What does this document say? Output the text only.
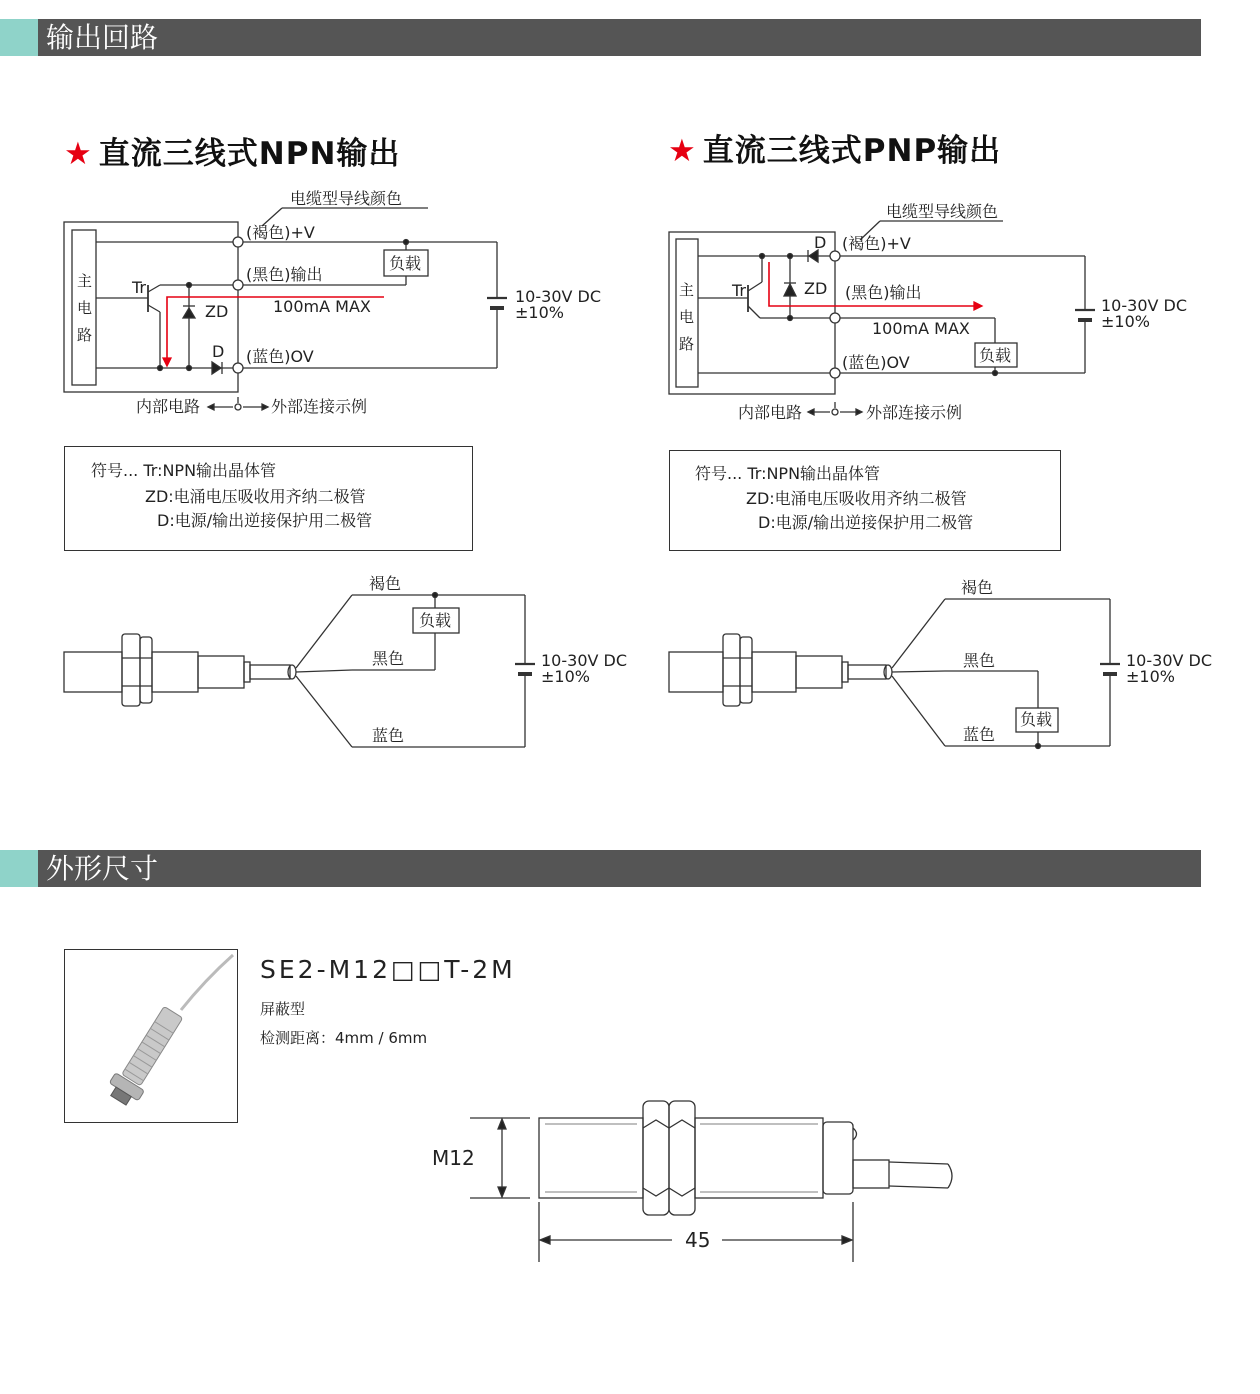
输出回路
外形尺寸
★ 直流三线式NPN输出	★ 直流三线式PNP输出
主
电
路
主
电
路
电缆型导线颜色
(褐色)+V
(黑色)输出
(蓝色)OV
Tr
ZD
D
100mA MAX
负载
10-30V DC
±10%
内部电路	外部连接示例
电缆型导线颜色
(褐色)+V
(黑色)输出
(蓝色)OV
Tr	ZD
D
100mA MAX
负载
10-30V DC
±10%
内部电路	外部连接示例
褐色
黑色
蓝色
负载
10-30V DC
±10%
褐色
黑色
蓝色
负载
10-30V DC
±10%
M12
45
符号... Tr:NPN输出晶体管
ZD:电涌电压吸收用齐纳二极管
D:电源/输出逆接保护用二极管
符号... Tr:NPN输出晶体管
ZD:电涌电压吸收用齐纳二极管
D:电源/输出逆接保护用二极管
SE2-M12□□T-2M
屏蔽型
检测距离：4mm / 6mm
